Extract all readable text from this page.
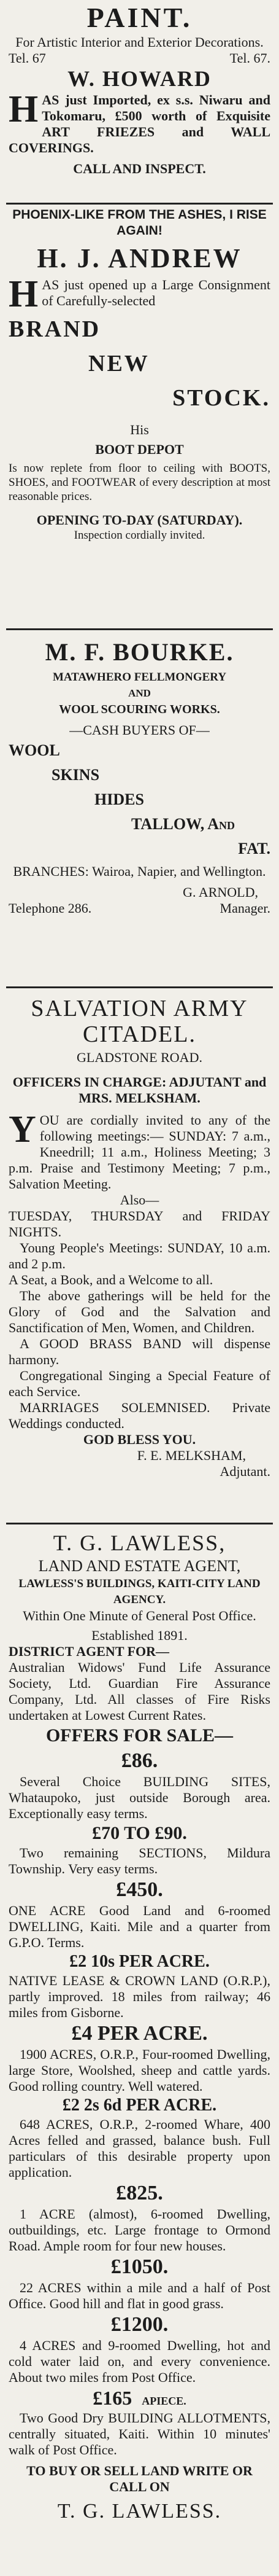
PAINT.

For Artistic Interior and Exterior Decorations.

Tel. 67	Tel. 67.

W. HOWARD

H AS just Imported, ex s.s. Niwaru and Tokomaru, £500 worth of Exquisite ART FRIEZES and WALL COVERINGS.

CALL AND INSPECT.

PHOENIX-LIKE FROM THE ASHES, I RISE AGAIN!

H. J. ANDREW

H AS just opened up a Large Consignment of Carefully-selected

BRAND

NEW

STOCK.

His

BOOT DEPOT

Is now replete from floor to ceiling with BOOTS, SHOES, and FOOTWEAR of every description at most reasonable prices.

OPENING TO-DAY (SATURDAY).

Inspection cordially invited.

M. F. BOURKE.

MATAWHERO FELLMONGERY

AND

WOOL SCOURING WORKS.

—CASH BUYERS OF—

WOOL

SKINS

HIDES

TALLOW, And

FAT.

BRANCHES: Wairoa, Napier, and Wellington.

G. ARNOLD,

Telephone 286.	Manager.

SALVATION ARMY

CITADEL.

GLADSTONE ROAD.

OFFICERS IN CHARGE: ADJUTANT and MRS. MELKSHAM.

Y OU are cordially invited to any of the following meetings:— SUNDAY: 7 a.m., Kneedrill; 11 a.m., Holiness Meeting; 3 p.m. Praise and Testimony Meeting; 7 p.m., Salvation Meeting.

Also—

TUESDAY, THURSDAY and FRIDAY NIGHTS.

Young People's Meetings: SUNDAY, 10 a.m. and 2 p.m.

A Seat, a Book, and a Welcome to all.

The above gatherings will be held for the Glory of God and the Salvation and Sanctification of Men, Women, and Children.

A GOOD BRASS BAND will dispense harmony.

Congregational Singing a Special Feature of each Service.

MARRIAGES SOLEMNISED. Private Weddings conducted.

GOD BLESS YOU.

F. E. MELKSHAM,

Adjutant.

T. G. LAWLESS,

LAND AND ESTATE AGENT,

LAWLESS'S BUILDINGS, KAITI-CITY LAND AGENCY.

Within One Minute of General Post Office.

Established 1891.

DISTRICT AGENT FOR—

Australian Widows' Fund Life Assurance Society, Ltd. Guardian Fire Assurance Company, Ltd. All classes of Fire Risks undertaken at Lowest Current Rates.

OFFERS FOR SALE—

£86.

Several Choice BUILDING SITES, Whataupoko, just outside Borough area. Exceptionally easy terms.

£70 TO £90.

Two remaining SECTIONS, Mildura Township. Very easy terms.

£450.

ONE ACRE Good Land and 6-roomed DWELLING, Kaiti. Mile and a quarter from G.P.O. Terms.

£2 10s PER ACRE.

NATIVE LEASE & CROWN LAND (O.R.P.), partly improved. 18 miles from railway; 46 miles from Gisborne.

£4 PER ACRE.

1900 ACRES, O.R.P., Four-roomed Dwelling, large Store, Woolshed, sheep and cattle yards. Good rolling country. Well watered.

£2 2s 6d PER ACRE.

648 ACRES, O.R.P., 2-roomed Whare, 400 Acres felled and grassed, balance bush. Full particulars of this desirable property upon application.

£825.

1 ACRE (almost), 6-roomed Dwelling, outbuildings, etc. Large frontage to Ormond Road. Ample room for four new houses.

£1050.

22 ACRES within a mile and a half of Post Office. Good hill and flat in good grass.

£1200.

4 ACRES and 9-roomed Dwelling, hot and cold water laid on, and every convenience. About two miles from Post Office.

£165 APIECE.

Two Good Dry BUILDING ALLOTMENTS, centrally situated, Kaiti. Within 10 minutes' walk of Post Office.

TO BUY OR SELL LAND WRITE OR CALL ON

T. G. LAWLESS.
